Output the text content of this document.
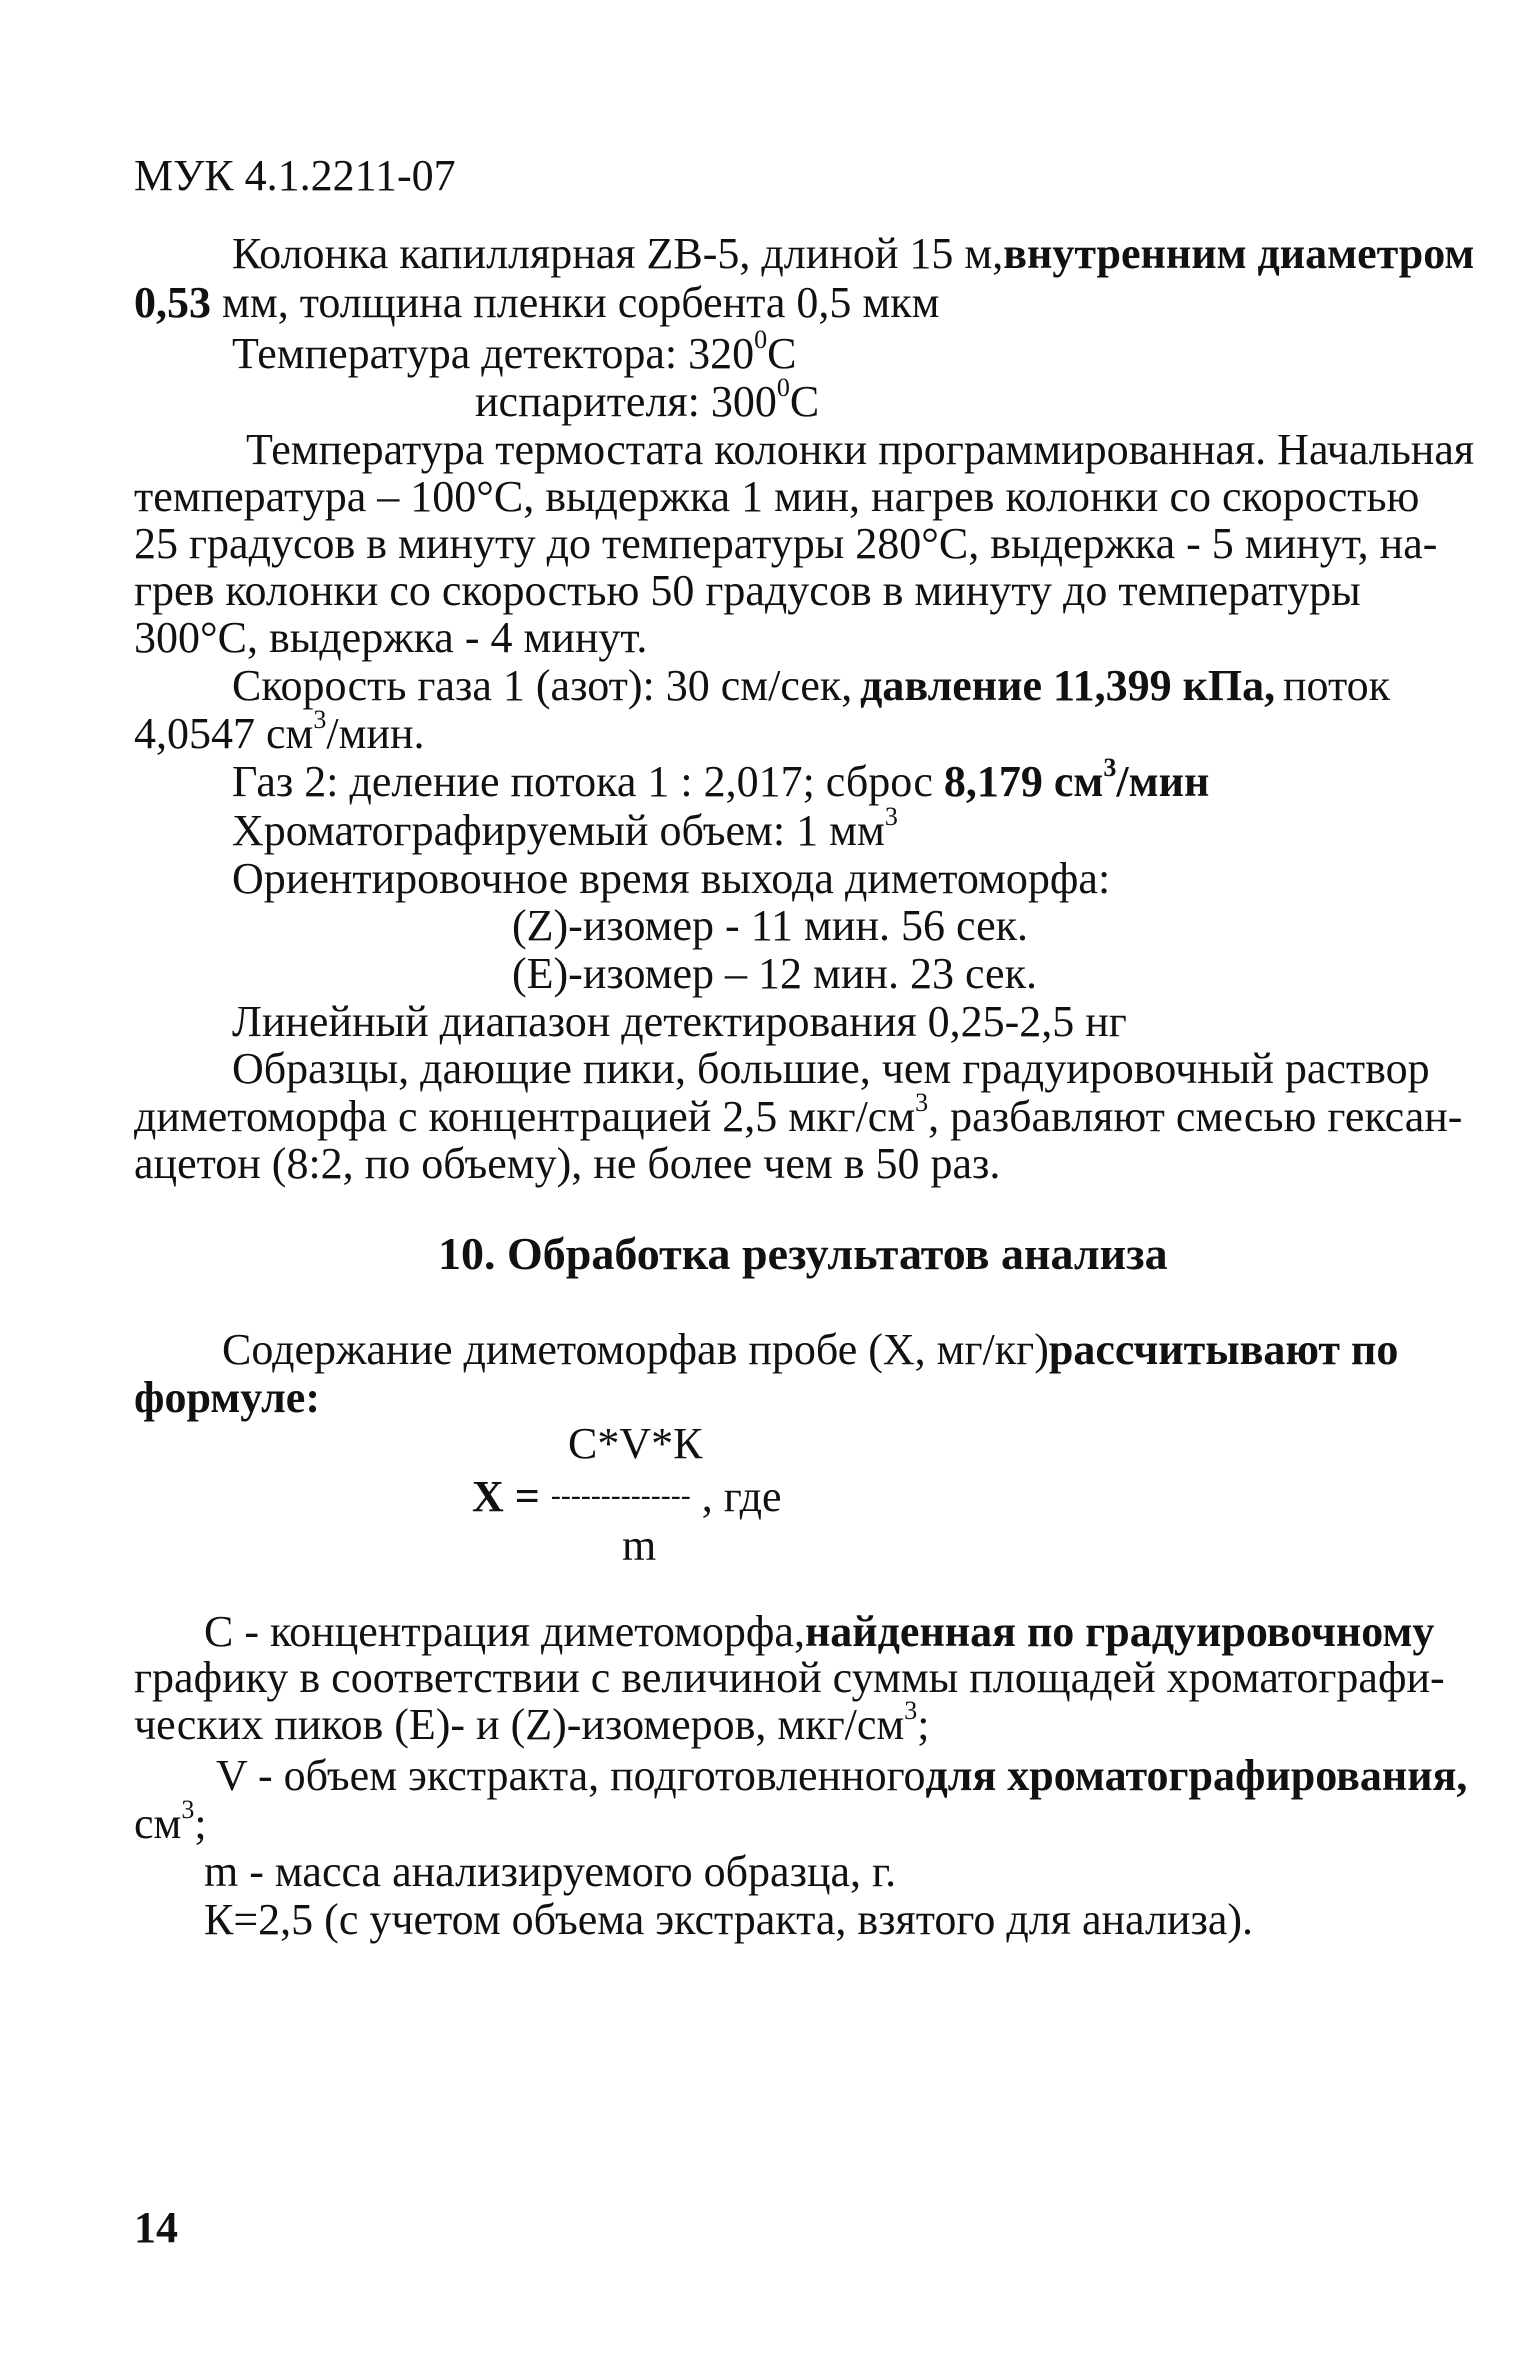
МУК 4.1.2211-07
Колонка капиллярная ZB-5, длиной 15 м, внутренним диаметром
0,53 мм, толщина пленки сорбента 0,5 мкм
Температура детектора: $320^0C$
испарителя: $300^0C$
Температура термостата колонки программированная. Начальная
температура – 100°С, выдержка 1 мин, нагрев колонки со скоростью
25 градусов в минуту до температуры 280°С, выдержка - 5 минут, на-
грев колонки со скоростью 50 градусов в минуту до температуры
300°С, выдержка - 4 минут.
Скорость газа 1 (азот): 30 см/сек, давление 11,399 кПа, поток
4,0547 $см^3$/мин.
Газ 2: деление потока 1 : 2,017; сброс 8,179 $см^3$/мин
Хроматографируемый объем: 1 $мм^3$
Ориентировочное время выхода диметоморфа:
(Z)-изомер - 11 мин. 56 сек.
(Е)-изомер – 12 мин. 23 сек.
Линейный диапазон детектирования 0,25-2,5 нг
Образцы, дающие пики, большие, чем градуировочный раствор
диметоморфа с концентрацией 2,5 мкг/$см^3$, разбавляют смесью гексан-
ацетон (8:2, по объему), не более чем в 50 раз.
10. Обработка результатов анализа
Содержание диметоморфа в пробе (Х, мг/кг) рассчитывают по
формуле:
С*V*К
Х = -------------- , где
m
С - концентрация диметоморфа, найденная по градуировочному
графику в соответствии с величиной суммы площадей хроматографи-
ческих пиков (Е)- и (Z)-изомеров, мкг/$см^3$;
V - объем экстракта, подготовленного для хроматографирования,
$см^3$;
m - масса анализируемого образца, г.
К=2,5 (с учетом объема экстракта, взятого для анализа).
14
